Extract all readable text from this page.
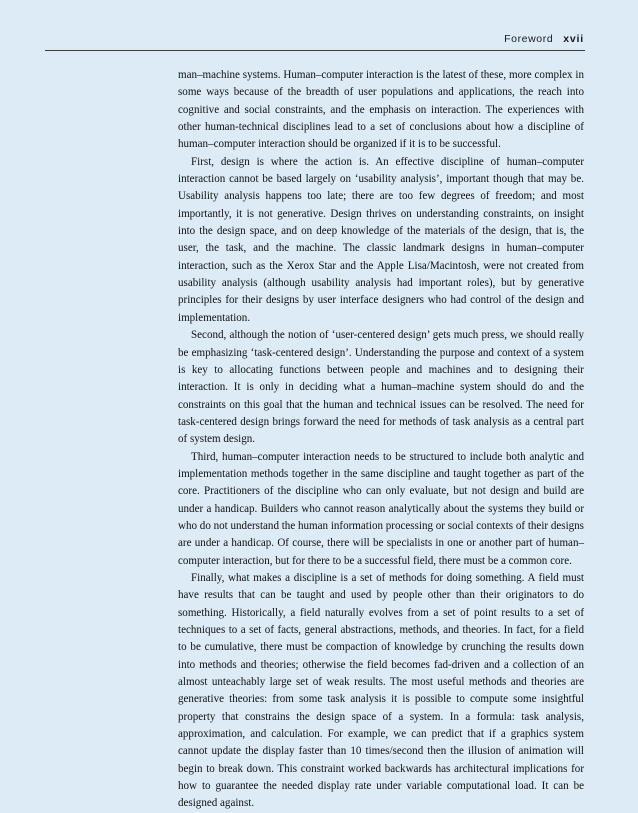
Foreword xvii

man–machine systems. Human–computer interaction is the latest of these, more complex in some ways because of the breadth of user populations and applications, the reach into cognitive and social constraints, and the emphasis on interaction. The experiences with other human-technical disciplines lead to a set of conclusions about how a discipline of human–computer interaction should be organized if it is to be successful.

First, design is where the action is. An effective discipline of human–computer interaction cannot be based largely on ‘usability analysis’, important though that may be. Usability analysis happens too late; there are too few degrees of freedom; and most importantly, it is not generative. Design thrives on understanding constraints, on insight into the design space, and on deep knowledge of the materials of the design, that is, the user, the task, and the machine. The classic landmark designs in human–computer interaction, such as the Xerox Star and the Apple Lisa/Macintosh, were not created from usability analysis (although usability analysis had important roles), but by generative principles for their designs by user interface designers who had control of the design and implementation.

Second, although the notion of ‘user-centered design’ gets much press, we should really be emphasizing ‘task-centered design’. Understanding the purpose and context of a system is key to allocating functions between people and machines and to designing their interaction. It is only in deciding what a human–machine system should do and the constraints on this goal that the human and technical issues can be resolved. The need for task-centered design brings forward the need for methods of task analysis as a central part of system design.

Third, human–computer interaction needs to be structured to include both analytic and implementation methods together in the same discipline and taught together as part of the core. Practitioners of the discipline who can only evaluate, but not design and build are under a handicap. Builders who cannot reason analytically about the systems they build or who do not understand the human information processing or social contexts of their designs are under a handicap. Of course, there will be specialists in one or another part of human–computer interaction, but for there to be a successful field, there must be a common core.

Finally, what makes a discipline is a set of methods for doing something. A field must have results that can be taught and used by people other than their originators to do something. Historically, a field naturally evolves from a set of point results to a set of techniques to a set of facts, general abstractions, methods, and theories. In fact, for a field to be cumulative, there must be compaction of knowledge by crunching the results down into methods and theories; otherwise the field becomes fad-driven and a collection of an almost unteachably large set of weak results. The most useful methods and theories are generative theories: from some task analysis it is possible to compute some insightful property that constrains the design space of a system. In a formula: task analysis, approximation, and calculation. For example, we can predict that if a graphics system cannot update the display faster than 10 times/second then the illusion of animation will begin to break down. This constraint worked backwards has architectural implications for how to guarantee the needed display rate under variable computational load. It can be designed against.
